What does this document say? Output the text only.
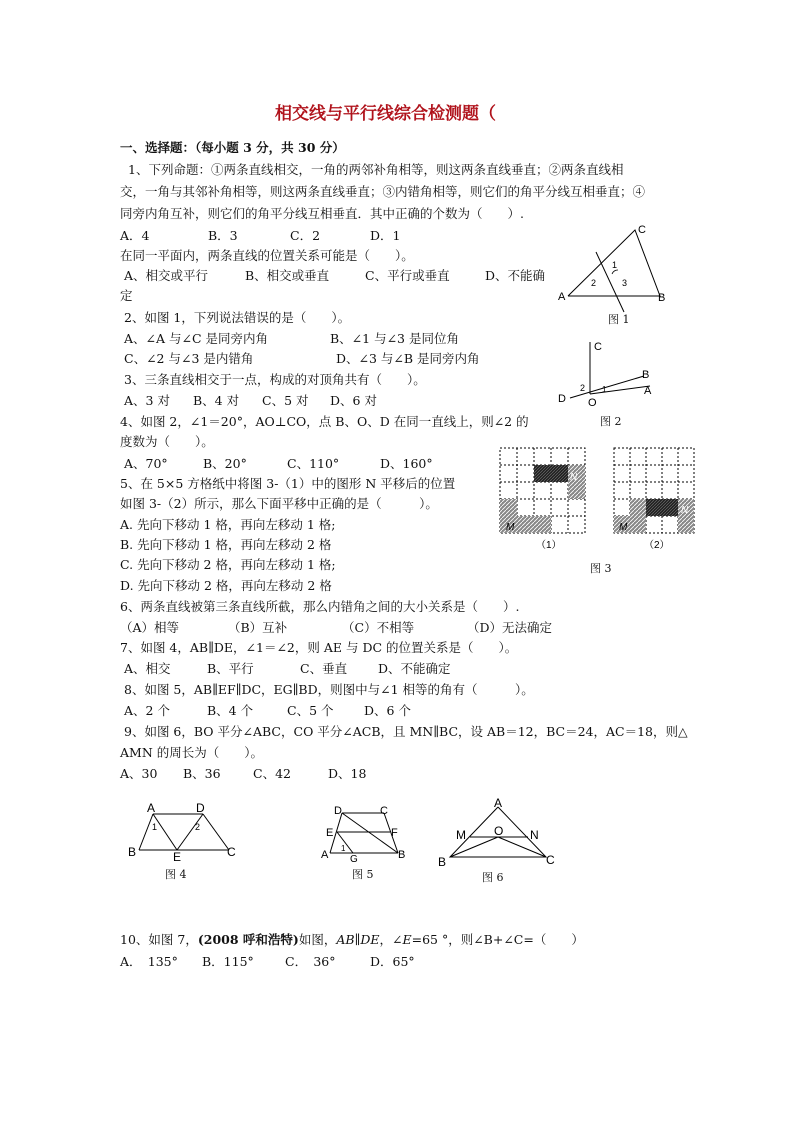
相交线与平行线综合检测题（
一、选择题：（每小题 3 分，共 30 分）
1、下列命题：①两条直线相交，一角的两邻补角相等，则这两条直线垂直；②两条直线相
交，一角与其邻补角相等，则这两条直线垂直；③内错角相等，则它们的角平分线互相垂直；④
同旁内角互补，则它们的角平分线互相垂直．其中正确的个数为（　　）.
A．4	B．3	C．2	D．1
在同一平面内，两条直线的位置关系可能是（　　）。
A、相交或平行	B、相交或垂直	C、平行或垂直	D、不能确
定
C
A	B
1
2	3
图 1
2、如图 1，下列说法错误的是（　　）。
A、∠A 与∠C 是同旁内角	B、∠1 与∠3 是同位角
C、∠2 与∠3 是内错角	D、∠3 与∠B 是同旁内角
C
B
A
D O
2 1
图 2
3、三条直线相交于一点，构成的对顶角共有（　　）。
A、3 对 B、4 对 C、5 对 D、6 对
4、如图 2，∠1＝20°，AO⊥CO，点 B、O、D 在同一直线上，则∠2 的
度数为（　　）。
A、70°	B、20°	C、110°	D、160°
5、在 5×5 方格纸中将图 3-（1）中的图形 N 平移后的位置
如图 3-（2）所示，那么下面平移中正确的是（　　　）。
A. 先向下移动 1 格，再向左移动 1 格;
B. 先向下移动 1 格，再向左移动 2 格
C. 先向下移动 2 格，再向左移动 1 格;
D. 先向下移动 2 格，再向左移动 2 格
N
M
N
M
（1）	（2）
图 3
6、两条直线被第三条直线所截，那么内错角之间的大小关系是（　　）.
（A）相等	（B）互补	（C）不相等	（D）无法确定
7、如图 4，AB∥DE，∠1＝∠2，则 AE 与 DC 的位置关系是（　　）。
A、相交	B、平行	C、垂直 D、不能确定
8、如图 5，AB∥EF∥DC，EG∥BD，则图中与∠1 相等的角有（　　　）。
A、2 个	B、4 个	C、5 个 D、6 个
9、如图 6，BO 平分∠ABC，CO 平分∠ACB，且 MN∥BC，设 AB＝12，BC＝24，AC＝18，则△
AMN 的周长为（　　）。
A、30 B、36	C、42	D、18
A	D
B	E	C
1	2
图 4
D	C
E	F
A G	B
1
图 5
A
M O N
B	C
图 6
10、如图 7，(2008 呼和浩特)如图，AB∥DE，∠E=65 °，则∠B+∠C=（　　）
A．　135° B．115° C．　36°	D．65°
